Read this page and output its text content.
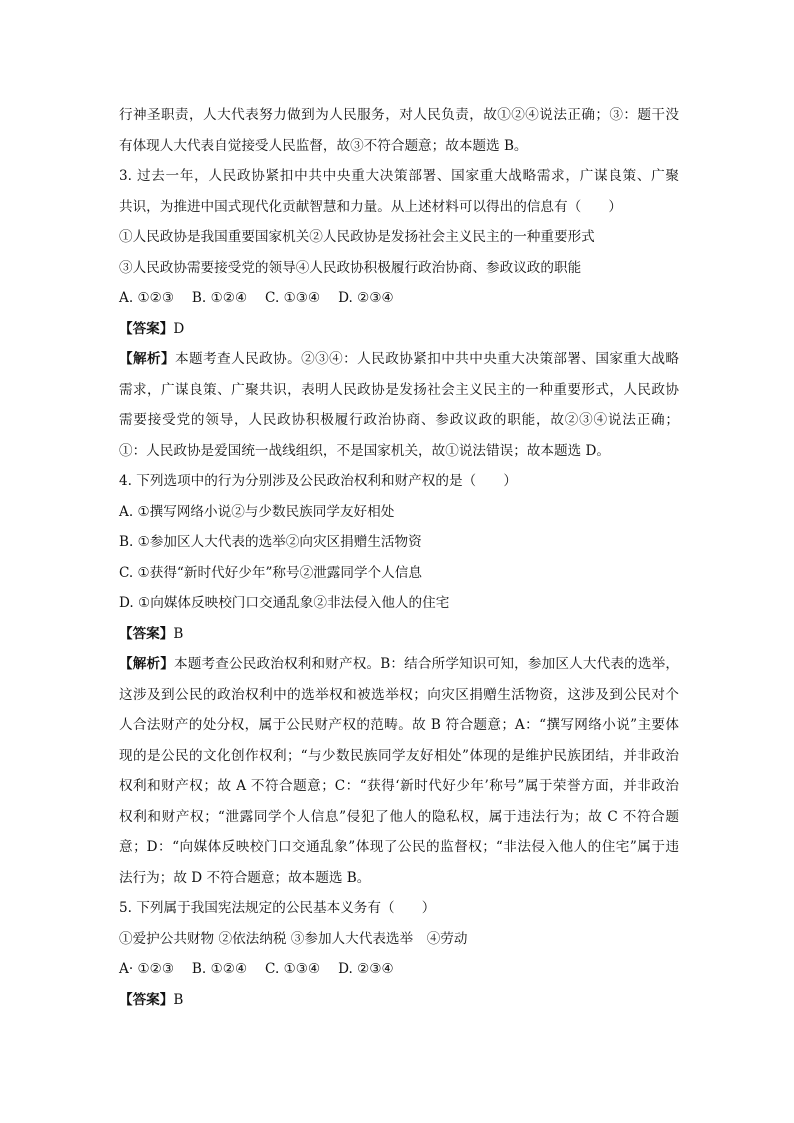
行神圣职责，人大代表努力做到为人民服务，对人民负责，故①②④说法正确；③：题干没
有体现人大代表自觉接受人民监督，故③不符合题意；故本题选 B。
3. 过去一年，人民政协紧扣中共中央重大决策部署、国家重大战略需求，广谋良策、广聚
共识，为推进中国式现代化贡献智慧和力量。从上述材料可以得出的信息有（　　）
①人民政协是我国重要国家机关②人民政协是发扬社会主义民主的一种重要形式
③人民政协需要接受党的领导④人民政协积极履行政治协商、参政议政的职能
A. ①②③　 B. ①②④　 C. ①③④　 D. ②③④
【答案】D
【解析】本题考查人民政协。②③④：人民政协紧扣中共中央重大决策部署、国家重大战略
需求，广谋良策、广聚共识，表明人民政协是发扬社会主义民主的一种重要形式，人民政协
需要接受党的领导，人民政协积极履行政治协商、参政议政的职能，故②③④说法正确；
①：人民政协是爱国统一战线组织，不是国家机关，故①说法错误；故本题选 D。
4. 下列选项中的行为分别涉及公民政治权利和财产权的是（　　）
A. ①撰写网络小说②与少数民族同学友好相处
B. ①参加区人大代表的选举②向灾区捐赠生活物资
C. ①获得“新时代好少年”称号②泄露同学个人信息
D. ①向媒体反映校门口交通乱象②非法侵入他人的住宅
【答案】B
【解析】本题考查公民政治权利和财产权。B：结合所学知识可知，参加区人大代表的选举，
这涉及到公民的政治权利中的选举权和被选举权；向灾区捐赠生活物资，这涉及到公民对个
人合法财产的处分权，属于公民财产权的范畴。故 B 符合题意；A：“撰写网络小说”主要体
现的是公民的文化创作权利；“与少数民族同学友好相处”体现的是维护民族团结，并非政治
权利和财产权；故 A 不符合题意；C：“获得‘新时代好少年’称号”属于荣誉方面，并非政治
权利和财产权；“泄露同学个人信息”侵犯了他人的隐私权，属于违法行为；故 C 不符合题
意；D：“向媒体反映校门口交通乱象”体现了公民的监督权；“非法侵入他人的住宅”属于违
法行为；故 D 不符合题意；故本题选 B。
5. 下列属于我国宪法规定的公民基本义务有（　　）
①爱护公共财物 ②依法纳税 ③参加人大代表选举　④劳动
A· ①②③　 B. ①②④　 C. ①③④　 D. ②③④
【答案】B
